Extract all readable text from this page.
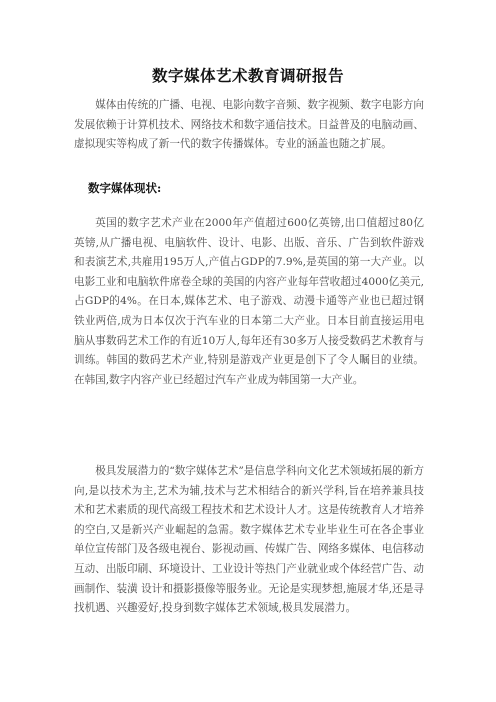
数字媒体艺术教育调研报告

媒体由传统的广播、电视、电影向数字音频、数字视频、数字电影方向发展依赖于计算机技术、网络技术和数字通信技术。日益普及的电脑动画、虚拟现实等构成了新一代的数字传播媒体。专业的涵盖也随之扩展。

数字媒体现状:

英国的数字艺术产业在2000年产值超过600亿英镑,出口值超过80亿英镑,从广播电视、电脑软件、设计、电影、出版、音乐、广告到软件游戏和表演艺术,共雇用195万人,产值占GDP的7.9%,是英国的第一大产业。以电影工业和电脑软件席卷全球的美国的内容产业每年营收超过4000亿美元,占GDP的4%。在日本,媒体艺术、电子游戏、动漫卡通等产业也已超过钢铁业两倍,成为日本仅次于汽车业的日本第二大产业。日本目前直接运用电脑从事数码艺术工作的有近10万人,每年还有30多万人接受数码艺术教育与训练。韩国的数码艺术产业,特别是游戏产业更是创下了令人瞩目的业绩。在韩国,数字内容产业已经超过汽车产业成为韩国第一大产业。

极具发展潜力的“数字媒体艺术”是信息学科向文化艺术领域拓展的新方向,是以技术为主,艺术为辅,技术与艺术相结合的新兴学科,旨在培养兼具技术和艺术素质的现代高级工程技术和艺术设计人才。这是传统教育人才培养的空白,又是新兴产业崛起的急需。数字媒体艺术专业毕业生可在各企事业 单位宣传部门及各级电视台、影视动画、传媒广告、网络多媒体、电信移动互动、出版印刷、环境设计、工业设计等热门产业就业或个体经营广告、动画制作、装潢 设计和摄影摄像等服务业。无论是实现梦想,施展才华,还是寻找机遇、兴趣爱好,投身到数字媒体艺术领域,极具发展潜力。
